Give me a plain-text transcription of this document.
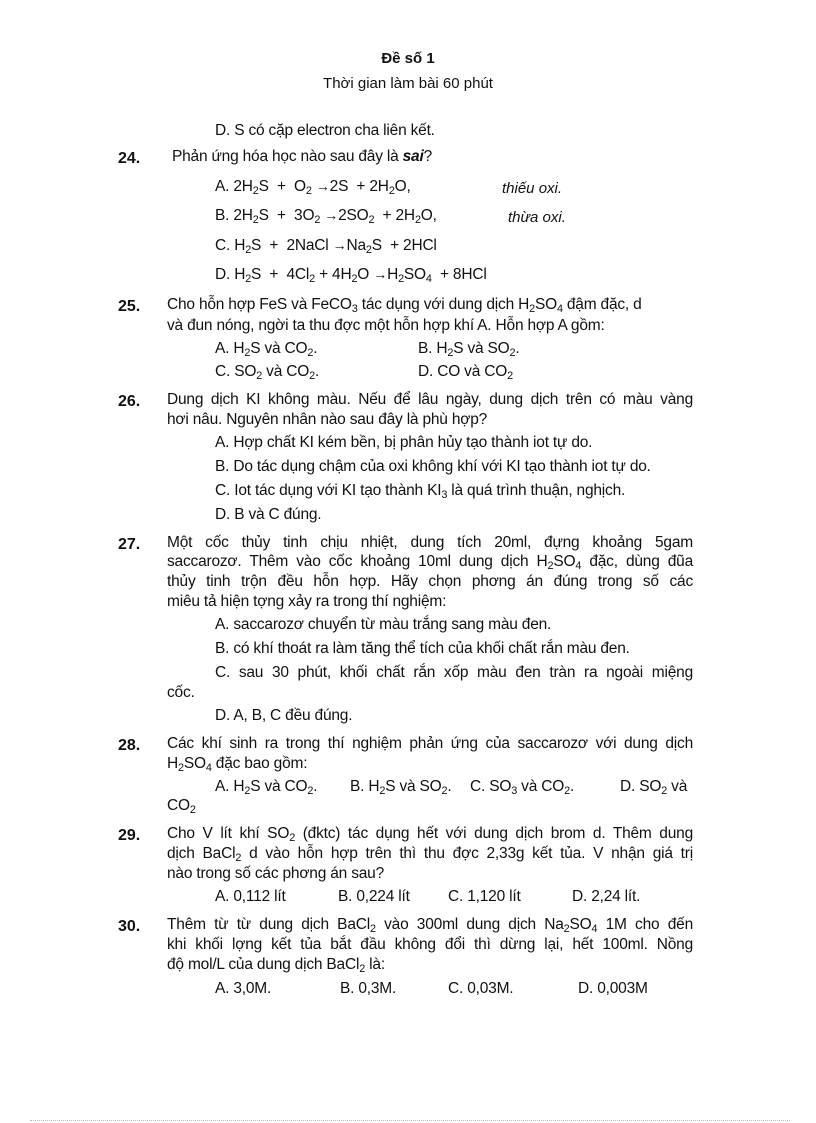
Đề số 1
Thời gian làm bài 60 phút
D. S có cặp electron cha liên kết.
24. Phản ứng hóa học nào sau đây là sai?
A. $2H_2S + O_2 \to 2S + 2H_2O$,	thiếu oxi.
B. $2H_2S + 3O_2 \to 2SO_2 + 2H_2O$,	thừa oxi.
C. $H_2S$  +  2NaCl $\to Na_2S + 2HCl$
D. $H_2S + 4Cl_2 + 4H_2O \to H_2SO_4 + 8HCl$
25. Cho hỗn hợp FeS và FeCO$_3$ tác dụng với dung dịch $H_2SO_4$ đậm đặc, d
và đun nóng, ngời ta thu đợc một hỗn hợp khí A. Hỗn hợp A gồm:
A. $H_2S$ và $CO_2$.	B. $H_2S$ và $SO_2$.
C. $SO_2$ và $CO_2$.	D. CO và $CO_2$
26. Dung dịch KI không màu. Nếu để lâu ngày, dung dịch trên có màu vàng
hơi nâu. Nguyên nhân nào sau đây là phù hợp?
A. Hợp chất KI kém bền, bị phân hủy tạo thành iot tự do.
B. Do tác dụng chậm của oxi không khí với KI tạo thành iot tự do.
C. Iot tác dụng với KI tạo thành $KI_3$ là quá trình thuận, nghịch.
D. B và C đúng.
27. Một cốc thủy tinh chịu nhiệt, dung tích 20ml, đựng khoảng 5gam
saccarozơ. Thêm vào cốc khoảng 10ml dung dịch $H_2SO_4$ đặc, dùng đũa
thủy tinh trộn đều hỗn hợp. Hãy chọn phơng án đúng trong số các
miêu tả hiện tợng xảy ra trong thí nghiệm:
A. saccarozơ chuyển từ màu trắng sang màu đen.
B. có khí thoát ra làm tăng thể tích của khối chất rắn màu đen.
C. sau 30 phút, khối chất rắn xốp màu đen tràn ra ngoài miệng
cốc.
D. A, B, C đều đúng.
28. Các khí sinh ra trong thí nghiệm phản ứng của saccarozơ với dung dịch
$H_2SO_4$ đặc bao gồm:
A. $H_2S$ và $CO_2$. B. $H_2S$ và $SO_2$. C. $SO_3$ và $CO_2$.	D. $SO_2$ và
$CO_2$
29. Cho V lít khí $SO_2$ (đktc) tác dụng hết với dung dịch brom d. Thêm dung
dịch BaCl$_2$ d vào hỗn hợp trên thì thu đợc 2,33g kết tủa. V nhận giá trị
nào trong số các phơng án sau?
A. 0,112 lít	B. 0,224 lít C. 1,120 lít	D. 2,24 lít.
30. Thêm từ từ dung dịch BaCl$_2$ vào 300ml dung dịch $Na_2SO_4$ 1M cho đến
khi khối lợng kết tủa bắt đầu không đổi thì dừng lại, hết 100ml. Nồng
độ mol/L của dung dịch BaCl$_2$ là:
A. 3,0M.	B. 0,3M.	C. 0,03M.	D. 0,003M
